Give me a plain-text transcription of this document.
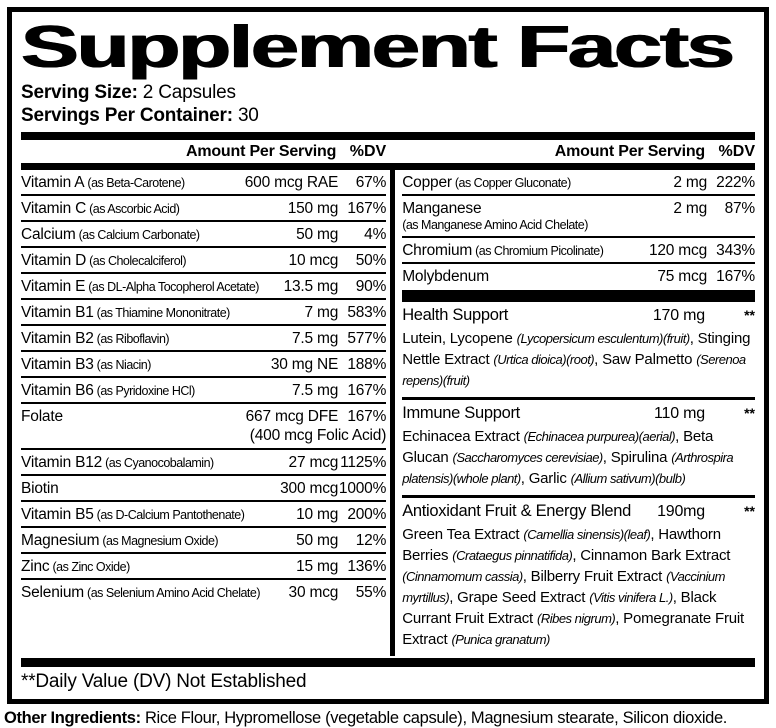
Supplement Facts
Serving Size: 2 Capsules
Servings Per Container: 30
Amount Per Serving %DV	Amount Per Serving %DV
Vitamin A (as Beta-Carotene)	600 mcg RAE	67%
Vitamin C (as Ascorbic Acid)	150 mg 167%
Calcium (as Calcium Carbonate)	50 mg	4%
Vitamin D (as Cholecalciferol)	10 mcg	50%
Vitamin E (as DL-Alpha Tocopherol Acetate)	13.5 mg	90%
Vitamin B1 (as Thiamine Mononitrate)	7 mg 583%
Vitamin B2 (as Riboflavin)	7.5 mg 577%
Vitamin B3 (as Niacin)	30 mg NE 188%
Vitamin B6 (as Pyridoxine HCl)	7.5 mg 167%
Folate	667 mcg DFE 167%
(400 mcg Folic Acid)
Vitamin B12 (as Cyanocobalamin)	27 mcg 1125%
Biotin	300 mcg 1000%
Vitamin B5 (as D-Calcium Pantothenate)	10 mg 200%
Magnesium (as Magnesium Oxide)	50 mg	12%
Zinc (as Zinc Oxide)	15 mg 136%
Selenium (as Selenium Amino Acid Chelate)	30 mcg	55%
Copper (as Copper Gluconate)	2 mg 222%
Manganese	2 mg	87%
(as Manganese Amino Acid Chelate)
Chromium (as Chromium Picolinate)	120 mcg 343%
Molybdenum	75 mcg 167%
Health Support	170 mg	**
Lutein, Lycopene (Lycopersicum esculentum)(fruit), Stinging Nettle Extract (Urtica dioica)(root), Saw Palmetto (Serenoa repens)(fruit)
Immune Support	110 mg	**
Echinacea Extract (Echinacea purpurea)(aerial), Beta Glucan (Saccharomyces cerevisiae), Spirulina (Arthrospira platensis)(whole plant), Garlic (Allium sativum)(bulb)
Antioxidant Fruit & Energy Blend	190mg	**
Green Tea Extract (Camellia sinensis)(leaf), Hawthorn Berries (Crataegus pinnatifida), Cinnamon Bark Extract (Cinnamomum cassia), Bilberry Fruit Extract (Vaccinium myrtillus), Grape Seed Extract (Vitis vinifera L.), Black Currant Fruit Extract (Ribes nigrum), Pomegranate Fruit Extract (Punica granatum)
**Daily Value (DV) Not Established
Other Ingredients: Rice Flour, Hypromellose (vegetable capsule), Magnesium stearate, Silicon dioxide.
